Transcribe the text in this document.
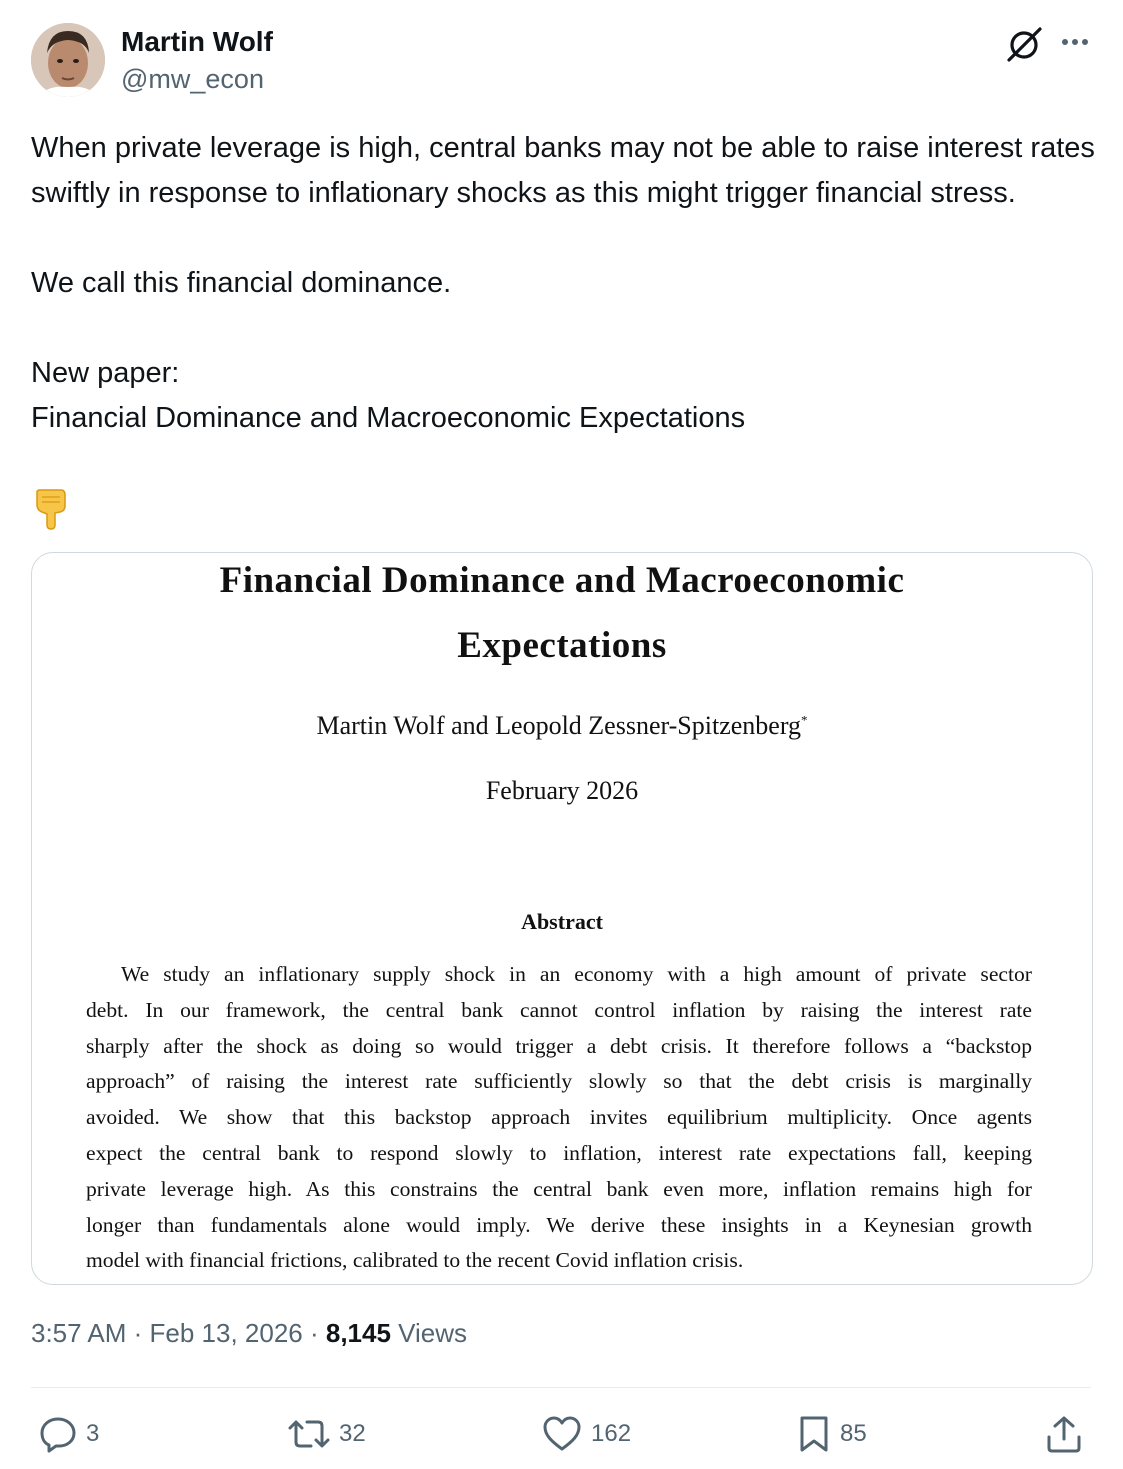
Martin Wolf
@mw_econ

When private leverage is high, central banks may not be able to raise interest rates swiftly in response to inflationary shocks as this might trigger financial stress.

We call this financial dominance.

New paper:

Financial Dominance and Macroeconomic Expectations

Financial Dominance and Macroeconomic
Expectations
Martin Wolf and Leopold Zessner-Spitzenberg*
February 2026
Abstract
We study an inflationary supply shock in an economy with a high amount of private sector
debt. In our framework, the central bank cannot control inflation by raising the interest rate
sharply after the shock as doing so would trigger a debt crisis. It therefore follows a “backstop
approach” of raising the interest rate sufficiently slowly so that the debt crisis is marginally
avoided. We show that this backstop approach invites equilibrium multiplicity. Once agents
expect the central bank to respond slowly to inflation, interest rate expectations fall, keeping
private leverage high. As this constrains the central bank even more, inflation remains high for
longer than fundamentals alone would imply. We derive these insights in a Keynesian growth
model with financial frictions, calibrated to the recent Covid inflation crisis.
3:57 AM · Feb 13, 2026 · 8,145 Views
3	32	162	85
